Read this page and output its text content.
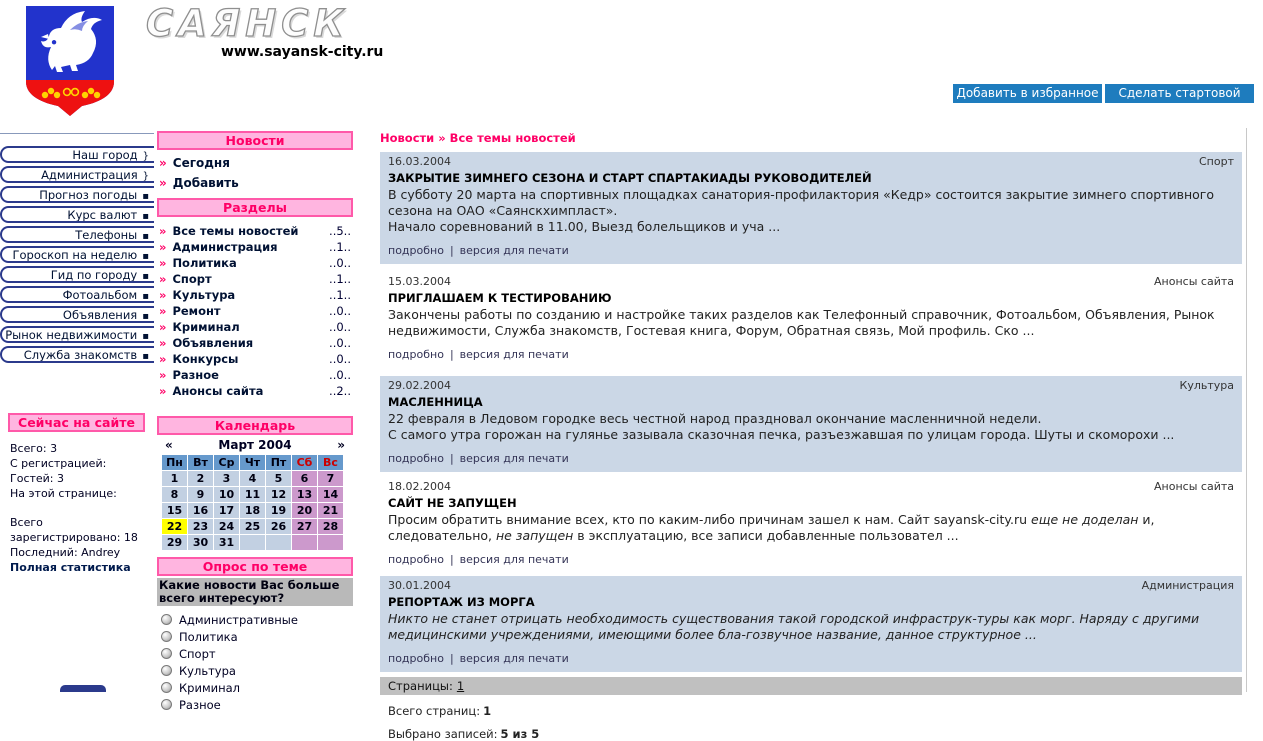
САЯНСК
www.sayansk-city.ru
Добавить в избранное	Сделать стартовой
Наш город }
Администрация }
Прогноз погоды ▪
Курс валют ▪
Телефоны ▪
Гороскоп на неделю ▪
Гид по городу ▪
Фотоальбом ▪
Объявления ▪
Рынок недвижимости ▪
Служба знакомств ▪
Сейчас на сайте
Всего: 3
С регистрацией:
Гостей: 3
На этой странице:
Всего зарегистрировано: 18
Последний: Andrey
Полная статистика
Новости
» Сегодня
» Добавить
Разделы
» Все темы новостей	..5..
» Администрация	..1..
» Политика	..0..
» Спорт	..1..
» Культура	..1..
» Ремонт	..0..
» Криминал	..0..
» Объявления	..0..
» Конкурсы	..0..
» Разное	..0..
» Анонсы сайта	..2..
Календарь
«	Март 2004	»
Пн	Вт	Ср	Чт	Пт	Сб	Вс
1	2	3	4	5	6	7
8	9	10	11	12	13	14
15	16	17	18	19	20	21
22	23	24	25	26	27	28
29	30	31				
Опрос по теме
Какие новости Вас больше всего интересуют?
Административные
Политика
Спорт
Культура
Криминал
Разное
Новости » Все темы новостей
16.03.2004	Спорт
ЗАКРЫТИЕ ЗИМНЕГО СЕЗОНА И СТАРТ СПАРТАКИАДЫ РУКОВОДИТЕЛЕЙ

В субботу 20 марта на спортивных площадках санатория-профилактория «Кедр» состоится закрытие зимнего спортивного сезона на ОАО «Саянскхимпласт».

Начало соревнований в 11.00, Выезд болельщиков и уча ...

подробно | версия для печати
15.03.2004	Анонсы сайта
ПРИГЛАШАЕМ К ТЕСТИРОВАНИЮ

Закончены работы по созданию и настройке таких разделов как Телефонный справочник, Фотоальбом, Объявления, Рынок недвижимости, Служба знакомств, Гостевая книга, Форум, Обратная связь, Мой профиль. Ско ...

подробно | версия для печати
29.02.2004	Культура
МАСЛЕННИЦА

22 февраля в Ледовом городке весь честной народ праздновал окончание масленничной недели.

С самого утра горожан на гулянье зазывала сказочная печка, разъезжавшая по улицам города. Шуты и скоморохи ...

подробно | версия для печати
18.02.2004	Анонсы сайта
САЙТ НЕ ЗАПУЩЕН

Просим обратить внимание всех, кто по каким-либо причинам зашел к нам. Сайт sayansk-city.ru еще не доделан и, следовательно, не запущен в эксплуатацию, все записи добавленные пользовател ...

подробно | версия для печати
30.01.2004	Администрация
РЕПОРТАЖ ИЗ МОРГА

Никто не станет отрицать необходимость существования такой городской инфраструк-туры как морг. Наряду с другими медицинскими учреждениями, имеющими более бла-гозвучное название, данное структурное ...

подробно | версия для печати
Страницы: 1
Всего страниц: 1
Выбрано записей: 5 из 5
